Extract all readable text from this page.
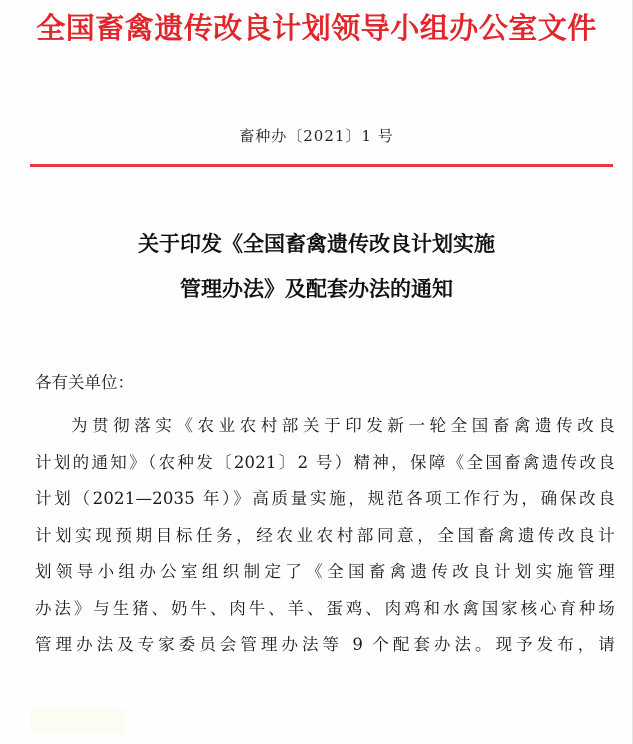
全国畜禽遗传改良计划领导小组办公室文件
畜种办〔2021〕1 号
关于印发《全国畜禽遗传改良计划实施
管理办法》及配套办法的通知
各有关单位：
为贯彻落实《农业农村部关于印发新一轮全国畜禽遗传改良
计划的通知》（农种发〔2021〕2 号）精神，保障《全国畜禽遗传改良
计划（2021—2035 年）》高质量实施，规范各项工作行为，确保改良
计划实现预期目标任务，经农业农村部同意，全国畜禽遗传改良计
划领导小组办公室组织制定了《全国畜禽遗传改良计划实施管理
办法》与生猪、奶牛、肉牛、羊、蛋鸡、肉鸡和水禽国家核心育种场
管理办法及专家委员会管理办法等 9 个配套办法。现予发布，请
